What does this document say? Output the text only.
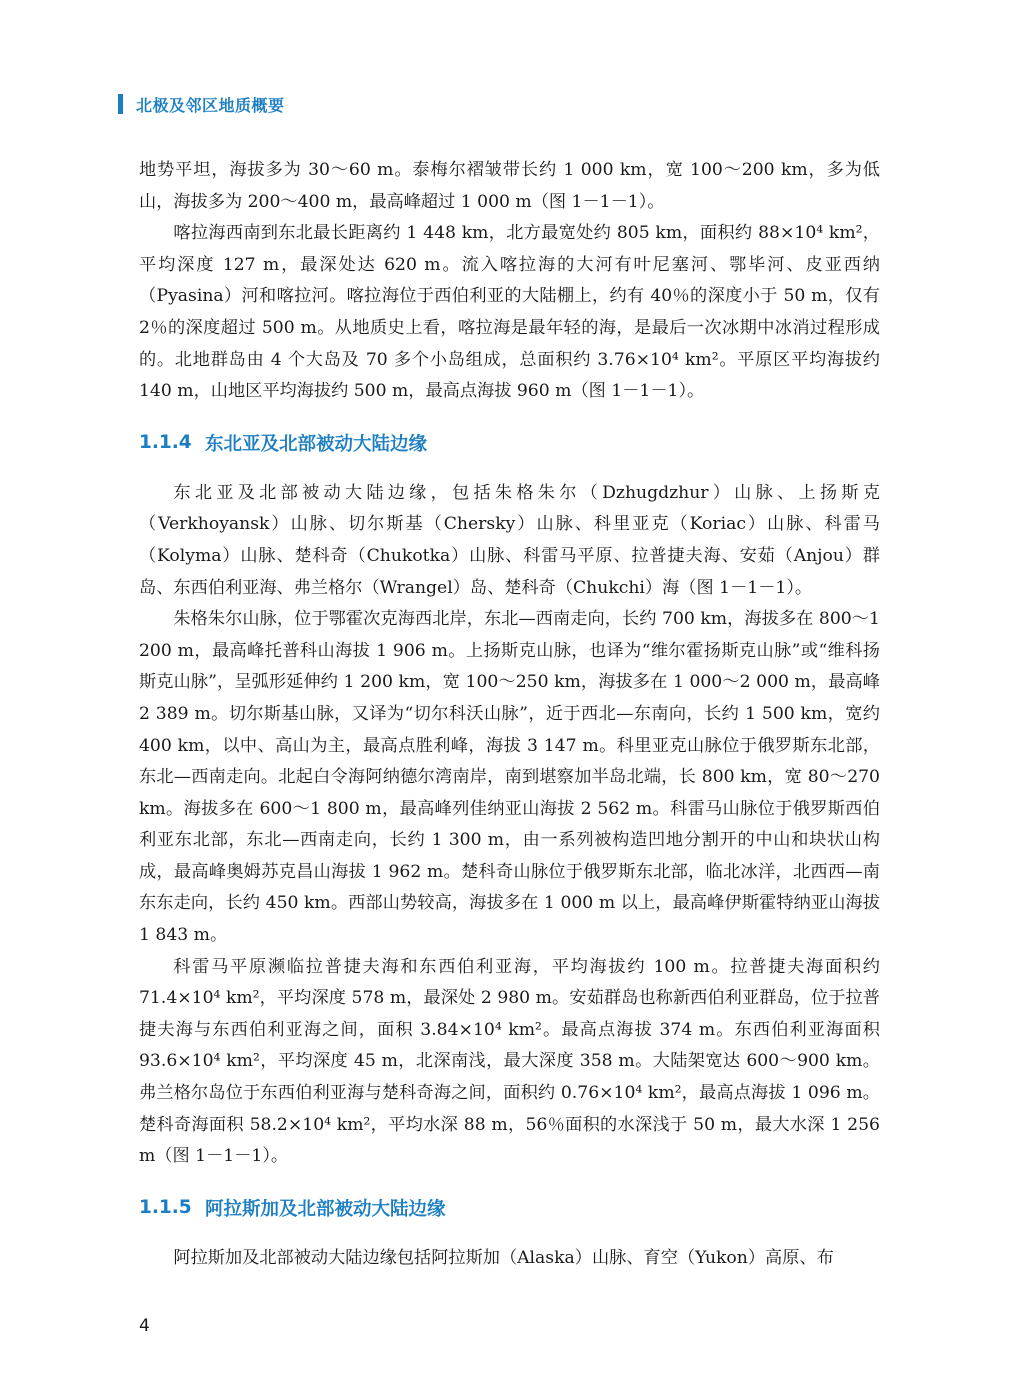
北极及邻区地质概要

地势平坦，海拔多为 30～60 m。泰梅尔褶皱带长约 1 000 km，宽 100～200 km，多为低山，海拔多为 200～400 m，最高峰超过 1 000 m（图 1－1－1）。

喀拉海西南到东北最长距离约 1 448 km，北方最宽处约 805 km，面积约 88×10⁴ km²，平均深度 127 m，最深处达 620 m。流入喀拉海的大河有叶尼塞河、鄂毕河、皮亚西纳（Pyasina）河和喀拉河。喀拉海位于西伯利亚的大陆棚上，约有 40％的深度小于 50 m，仅有 2％的深度超过 500 m。从地质史上看，喀拉海是最年轻的海，是最后一次冰期中冰消过程形成的。北地群岛由 4 个大岛及 70 多个小岛组成，总面积约 3.76×10⁴ km²。平原区平均海拔约 140 m，山地区平均海拔约 500 m，最高点海拔 960 m（图 1－1－1）。

1.1.4 东北亚及北部被动大陆边缘

东北亚及北部被动大陆边缘，包括朱格朱尔（Dzhugdzhur）山脉、上扬斯克（Verkhoyansk）山脉、切尔斯基（Chersky）山脉、科里亚克（Koriac）山脉、科雷马（Kolyma）山脉、楚科奇（Chukotka）山脉、科雷马平原、拉普捷夫海、安茹（Anjou）群岛、东西伯利亚海、弗兰格尔（Wrangel）岛、楚科奇（Chukchi）海（图 1－1－1）。

朱格朱尔山脉，位于鄂霍次克海西北岸，东北—西南走向，长约 700 km，海拔多在 800～1 200 m，最高峰托普科山海拔 1 906 m。上扬斯克山脉，也译为“维尔霍扬斯克山脉”或“维科扬斯克山脉”，呈弧形延伸约 1 200 km，宽 100～250 km，海拔多在 1 000～2 000 m，最高峰 2 389 m。切尔斯基山脉，又译为“切尔科沃山脉”，近于西北—东南向，长约 1 500 km，宽约 400 km，以中、高山为主，最高点胜利峰，海拔 3 147 m。科里亚克山脉位于俄罗斯东北部，东北—西南走向。北起白令海阿纳德尔湾南岸，南到堪察加半岛北端，长 800 km，宽 80～270 km。海拔多在 600～1 800 m，最高峰列佳纳亚山海拔 2 562 m。科雷马山脉位于俄罗斯西伯利亚东北部，东北—西南走向，长约 1 300 m，由一系列被构造凹地分割开的中山和块状山构成，最高峰奥姆苏克昌山海拔 1 962 m。楚科奇山脉位于俄罗斯东北部，临北冰洋，北西西—南东东走向，长约 450 km。西部山势较高，海拔多在 1 000 m 以上，最高峰伊斯霍特纳亚山海拔 1 843 m。

科雷马平原濒临拉普捷夫海和东西伯利亚海，平均海拔约 100 m。拉普捷夫海面积约 71.4×10⁴ km²，平均深度 578 m，最深处 2 980 m。安茹群岛也称新西伯利亚群岛，位于拉普捷夫海与东西伯利亚海之间，面积 3.84×10⁴ km²。最高点海拔 374 m。东西伯利亚海面积 93.6×10⁴ km²，平均深度 45 m，北深南浅，最大深度 358 m。大陆架宽达 600～900 km。弗兰格尔岛位于东西伯利亚海与楚科奇海之间，面积约 0.76×10⁴ km²，最高点海拔 1 096 m。楚科奇海面积 58.2×10⁴ km²，平均水深 88 m，56％面积的水深浅于 50 m，最大水深 1 256 m（图 1－1－1）。

1.1.5 阿拉斯加及北部被动大陆边缘

阿拉斯加及北部被动大陆边缘包括阿拉斯加（Alaska）山脉、育空（Yukon）高原、布

4
